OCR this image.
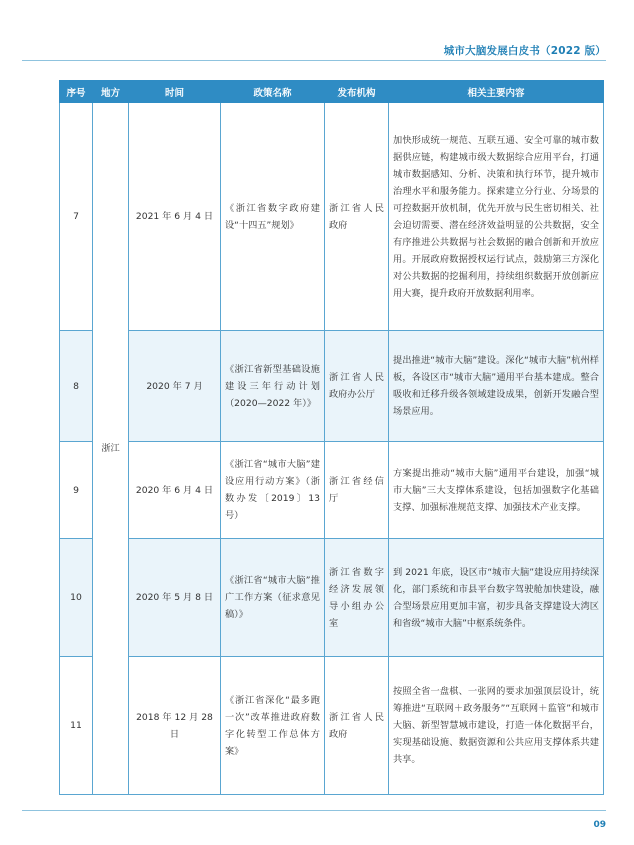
城市大脑发展白皮书（2022 版）
序号	地方	时间	政策名称	发布机构	相关主要内容
7	浙江	2021 年 6 月 4 日	《浙江省数字政府建设“十四五”规划》	浙江省人民政府	加快形成统一规范、互联互通、安全可靠的城市数据供应链，构建城市级大数据综合应用平台，打通城市数据感知、分析、决策和执行环节，提升城市治理水平和服务能力。探索建立分行业、分场景的可控数据开放机制，优先开放与民生密切相关、社会迫切需要、潜在经济效益明显的公共数据，安全有序推进公共数据与社会数据的融合创新和开放应用。开展政府数据授权运行试点，鼓励第三方深化对公共数据的挖掘利用，持续组织数据开放创新应用大赛，提升政府开放数据利用率。
8		2020 年 7 月	《浙江省新型基础设施建设三年行动计划（2020—2022 年）》	浙江省人民政府办公厅	提出推进“城市大脑”建设。深化“城市大脑”杭州样板，各设区市“城市大脑”通用平台基本建成。整合吸收和迁移升级各领域建设成果，创新开发融合型场景应用。
9		2020 年 6 月 4 日	《浙江省“城市大脑”建设应用行动方案》（浙数办发〔2019〕13 号）	浙江省经信厅	方案提出推动“城市大脑”通用平台建设，加强“城市大脑”三大支撑体系建设，包括加强数字化基础支撑、加强标准规范支撑、加强技术产业支撑。
10		2020 年 5 月 8 日	《浙江省“城市大脑”推广工作方案（征求意见稿）》	浙江省数字经济发展领导小组办公室	到 2021 年底，设区市“城市大脑”建设应用持续深化，部门系统和市县平台数字驾驶舱加快建设，融合型场景应用更加丰富，初步具备支撑建设大湾区和省级“城市大脑”中枢系统条件。
11		2018 年 12 月 28 日	《浙江省深化“最多跑一次”改革推进政府数字化转型工作总体方案》	浙江省人民政府	按照全省一盘棋、一张网的要求加强顶层设计，统筹推进“互联网＋政务服务”“互联网＋监管”和城市大脑、新型智慧城市建设，打造一体化数据平台，实现基础设施、数据资源和公共应用支撑体系共建共享。
09
